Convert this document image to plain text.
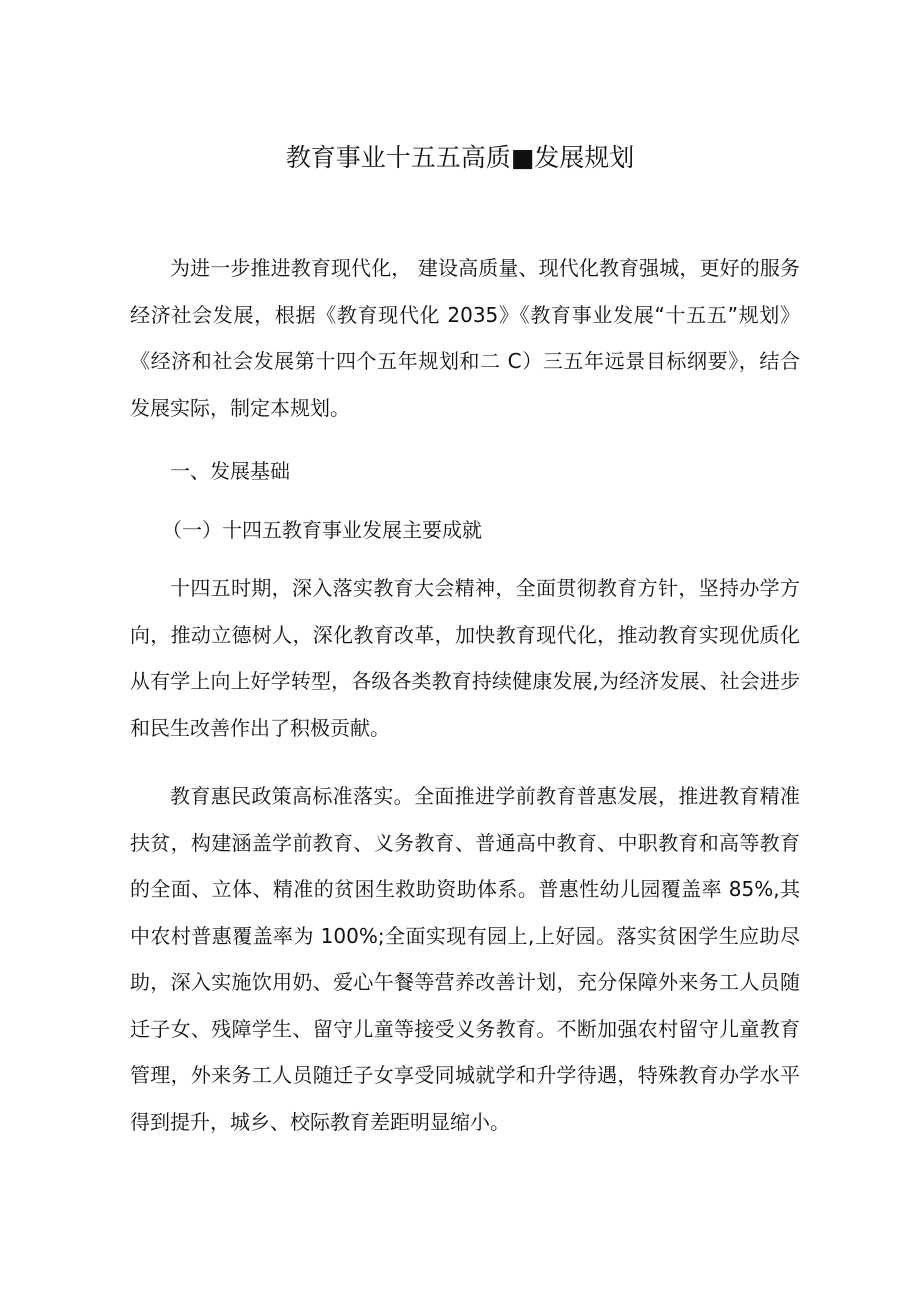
教育事业十五五高质■发展规划

为进一步推进教育现代化， 建设高质量、现代化教育强城，更好的服务经济社会发展，根据《教育现代化 2035》《教育事业发展“十五五”规划》《经济和社会发展第十四个五年规划和二 C）三五年远景目标纲要》，结合发展实际，制定本规划。

一、发展基础

（一）十四五教育事业发展主要成就

十四五时期，深入落实教育大会精神，全面贯彻教育方针，坚持办学方向，推动立德树人，深化教育改革，加快教育现代化，推动教育实现优质化从有学上向上好学转型，各级各类教育持续健康发展,为经济发展、社会进步和民生改善作出了积极贡献。

教育惠民政策高标准落实。全面推进学前教育普惠发展，推进教育精准扶贫，构建涵盖学前教育、义务教育、普通高中教育、中职教育和高等教育的全面、立体、精准的贫困生救助资助体系。普惠性幼儿园覆盖率 85%,其中农村普惠覆盖率为 100%;全面实现有园上,上好园。落实贫困学生应助尽助，深入实施饮用奶、爱心午餐等营养改善计划，充分保障外来务工人员随迁子女、残障学生、留守儿童等接受义务教育。不断加强农村留守儿童教育管理，外来务工人员随迁子女享受同城就学和升学待遇，特殊教育办学水平得到提升，城乡、校际教育差距明显缩小。
